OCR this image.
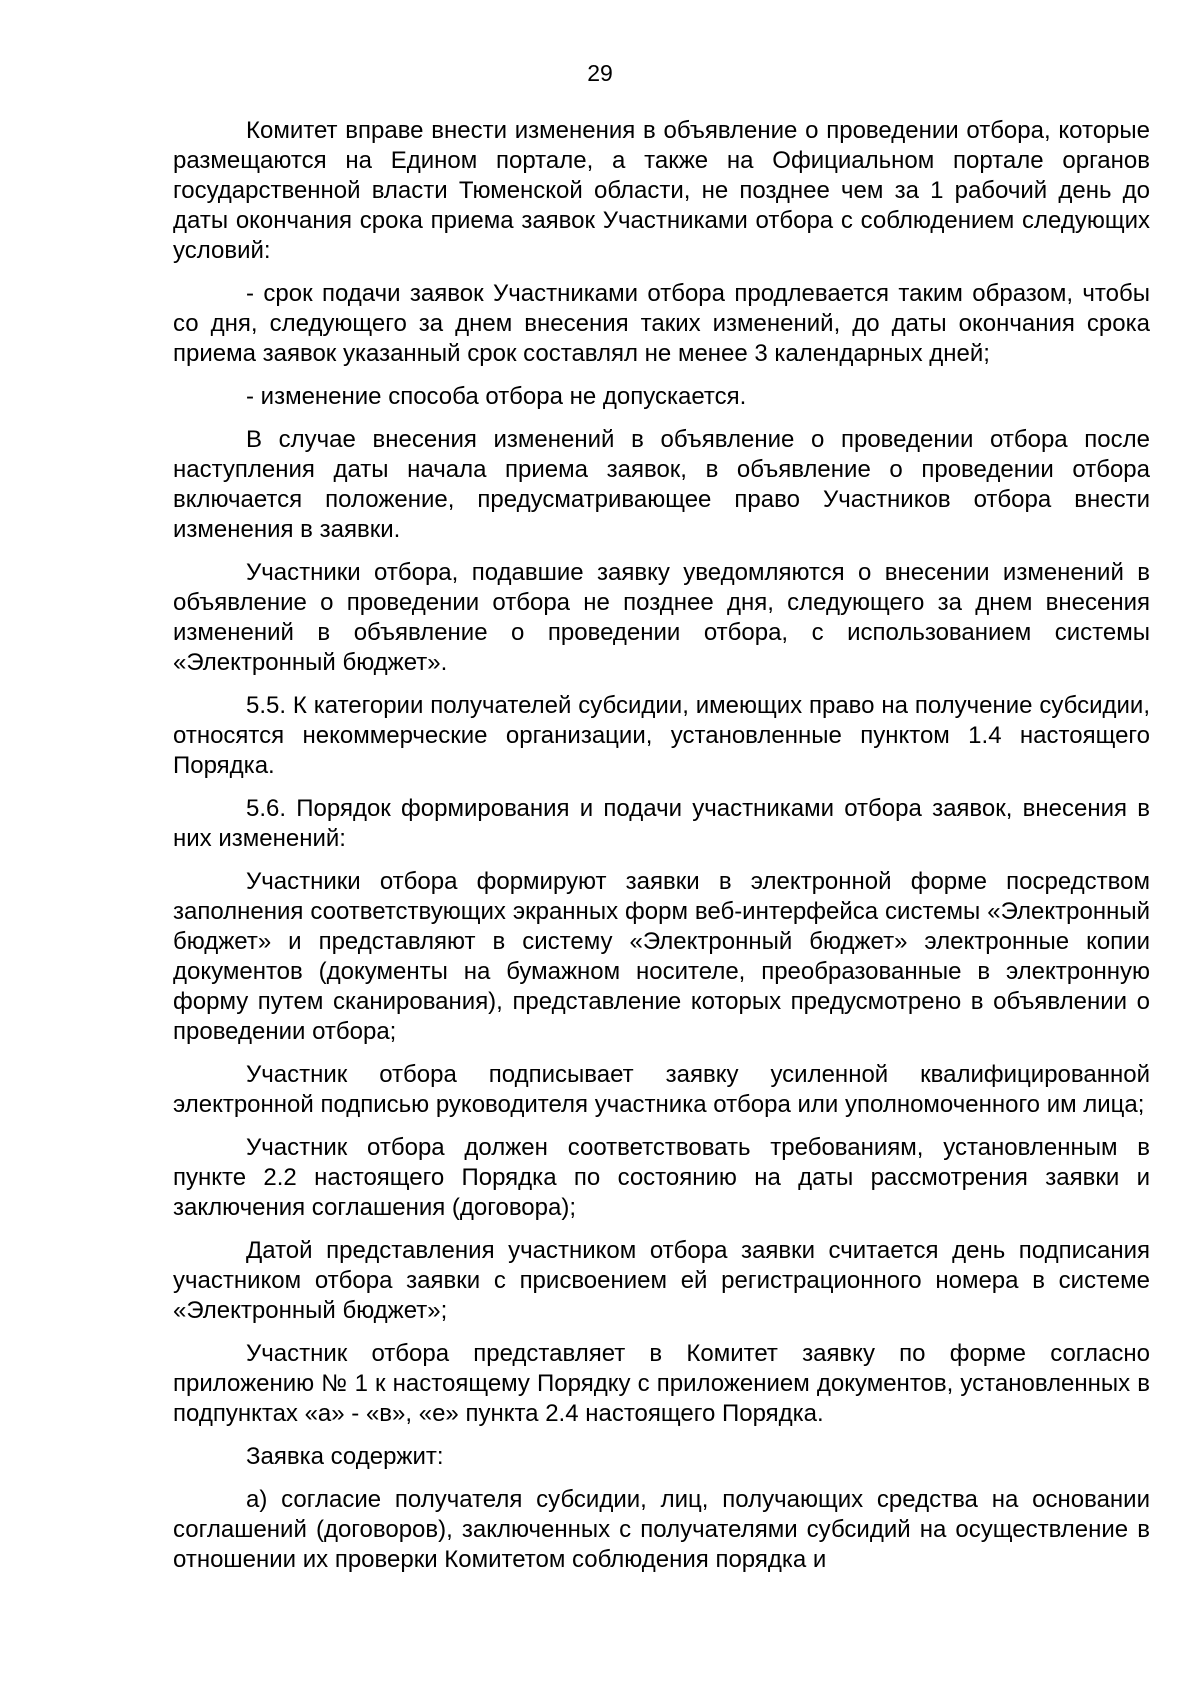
29

Комитет вправе внести изменения в объявление о проведении отбора, которые размещаются на Едином портале, а также на Официальном портале органов государственной власти Тюменской области, не позднее чем за 1 рабочий день до даты окончания срока приема заявок Участниками отбора с соблюдением следующих условий:

- срок подачи заявок Участниками отбора продлевается таким образом, чтобы со дня, следующего за днем внесения таких изменений, до даты окончания срока приема заявок указанный срок составлял не менее 3 календарных дней;

- изменение способа отбора не допускается.

В случае внесения изменений в объявление о проведении отбора после наступления даты начала приема заявок, в объявление о проведении отбора включается положение, предусматривающее право Участников отбора внести изменения в заявки.

Участники отбора, подавшие заявку уведомляются о внесении изменений в объявление о проведении отбора не позднее дня, следующего за днем внесения изменений в объявление о проведении отбора, с использованием системы «Электронный бюджет».

5.5. К категории получателей субсидии, имеющих право на получение субсидии, относятся некоммерческие организации, установленные пунктом 1.4 настоящего Порядка.

5.6. Порядок формирования и подачи участниками отбора заявок, внесения в них изменений:

Участники отбора формируют заявки в электронной форме посредством заполнения соответствующих экранных форм веб-интерфейса системы «Электронный бюджет» и представляют в систему «Электронный бюджет» электронные копии документов (документы на бумажном носителе, преобразованные в электронную форму путем сканирования), представление которых предусмотрено в объявлении о проведении отбора;

Участник отбора подписывает заявку усиленной квалифицированной электронной подписью руководителя участника отбора или уполномоченного им лица;

Участник отбора должен соответствовать требованиям, установленным в пункте 2.2 настоящего Порядка по состоянию на даты рассмотрения заявки и заключения соглашения (договора);

Датой представления участником отбора заявки считается день подписания участником отбора заявки с присвоением ей регистрационного номера в системе «Электронный бюджет»;

Участник отбора представляет в Комитет заявку по форме согласно приложению № 1 к настоящему Порядку с приложением документов, установленных в подпунктах «а» - «в», «е» пункта 2.4 настоящего Порядка.

Заявка содержит:

а) согласие получателя субсидии, лиц, получающих средства на основании соглашений (договоров), заключенных с получателями субсидий на осуществление в отношении их проверки Комитетом соблюдения порядка и
